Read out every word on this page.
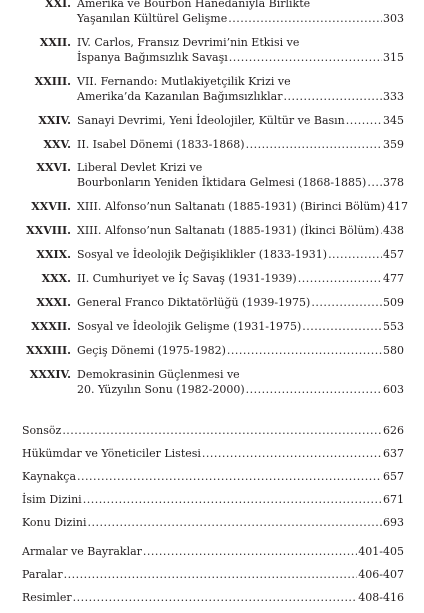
XXI. Amerika ve Bourbon Hanedanıyla Birlikte
Yaşanılan Kültürel Gelişme .....	303
XXII. IV. Carlos, Fransız Devrimi’nin Etkisi ve
İspanya Bağımsızlık Savaşı .....	315
XXIII. VII. Fernando: Mutlakiyetçilik Krizi ve
Amerika’da Kazanılan Bağımsızlıklar .....	333
XXIV. Sanayi Devrimi, Yeni İdeolojiler, Kültür ve Basın .....	345
XXV. II. Isabel Dönemi (1833-1868) .....	359
XXVI. Liberal Devlet Krizi ve
Bourbonların Yeniden İktidara Gelmesi (1868-1885) ..... 378
XXVII. XIII. Alfonso’nun Saltanatı (1885-1931) (Birinci Bölüm) 417
XXVIII. XIII. Alfonso’nun Saltanatı (1885-1931) (İkinci Bölüm) ..... 438
XXIX. Sosyal ve İdeolojik Değişiklikler (1833-1931) .....	457
XXX. II. Cumhuriyet ve İç Savaş (1931-1939) .....	477
XXXI. General Franco Diktatörlüğü (1939-1975) .....	509
XXXII. Sosyal ve İdeolojik Gelişme (1931-1975) .....	553
XXXIII. Geçiş Dönemi (1975-1982) .....	580
XXXIV. Demokrasinin Güçlenmesi ve
20. Yüzyılın Sonu (1982-2000) .....	603
Sonsöz .....	626
Hükümdar ve Yöneticiler Listesi .....	637
Kaynakça .....	657
İsim Dizini .....	671
Konu Dizini .....	693
Armalar ve Bayraklar .....	401-405
Paralar .....	406-407
Resimler .....	408-416
